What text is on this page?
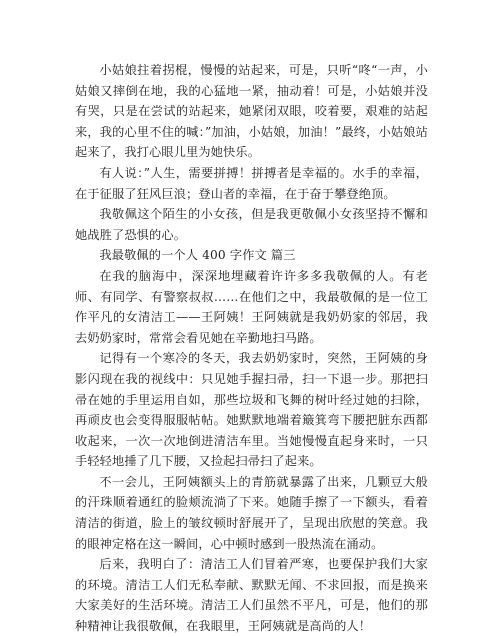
小姑娘拄着拐棍，慢慢的站起来，可是，只听“咚“一声，小姑娘又摔倒在地，我的心猛地一紧，抽动着！可是，小姑娘并没有哭，只是在尝试的站起来，她紧闭双眼，咬着要，艰难的站起来，我的心里不住的喊：”加油，小姑娘，加油！”最终，小姑娘站起来了，我打心眼儿里为她快乐。

有人说：”人生，需要拼搏！拼搏者是幸福的。水手的幸福，在于征服了狂风巨浪；登山者的幸福，在于奋于攀登绝顶。

我敬佩这个陌生的小女孩，但是我更敬佩小女孩坚持不懈和她战胜了恐惧的心。

我最敬佩的一个人 400 字作文 篇三

在我的脑海中，深深地埋藏着许许多多我敬佩的人。有老师、有同学、有警察叔叔……在他们之中，我最敬佩的是一位工作平凡的女清洁工——王阿姨！王阿姨就是我奶奶家的邻居，我去奶奶家时，常常会看见她在辛勤地扫马路。

记得有一个寒冷的冬天，我去奶奶家时，突然，王阿姨的身影闪现在我的视线中：只见她手握扫帚，扫一下退一步。那把扫帚在她的手里运用自如，那些垃圾和飞舞的树叶经过她的扫除，再顽皮也会变得服服帖帖。她默默地端着簸箕弯下腰把脏东西都收起来，一次一次地倒进清洁车里。当她慢慢直起身来时，一只手轻轻地捶了几下腰，又捡起扫帚扫了起来。

不一会儿，王阿姨额头上的青筋就暴露了出来，几颗豆大般的汗珠顺着通红的脸颊流淌了下来。她随手擦了一下额头，看着清洁的街道，脸上的皱纹顿时舒展开了，呈现出欣慰的笑意。我的眼神定格在这一瞬间，心中顿时感到一股热流在涌动。

后来，我明白了：清洁工人们冒着严寒，也要保护我们大家的环境。清洁工人们无私奉献、默默无闻、不求回报，而是换来大家美好的生活环境。清洁工人们虽然不平凡，可是，他们的那种精神让我很敬佩，在我眼里，王阿姨就是高尚的人！
